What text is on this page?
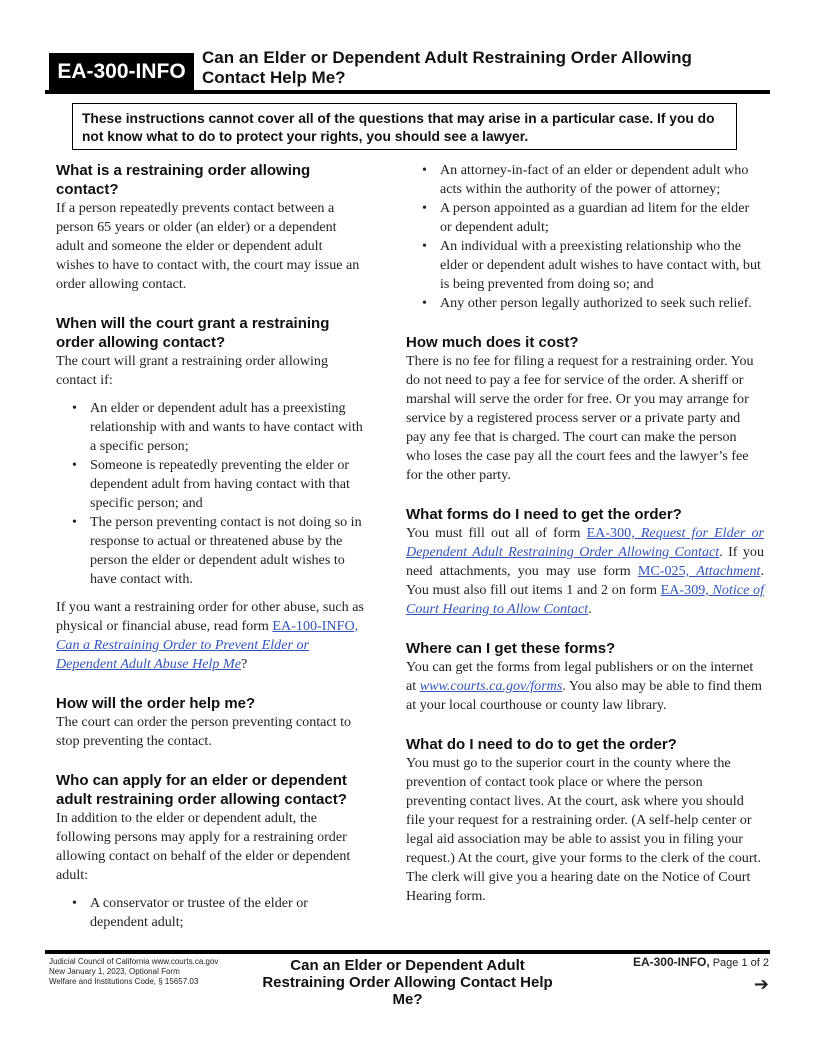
EA-300-INFO
Can an Elder or Dependent Adult Restraining Order Allowing Contact Help Me?
These instructions cannot cover all of the questions that may arise in a particular case. If you do not know what to do to protect your rights, you should see a lawyer.
What is a restraining order allowing contact?

If a person repeatedly prevents contact between a person 65 years or older (an elder) or a dependent adult and someone the elder or dependent adult wishes to have to contact with, the court may issue an order allowing contact.

When will the court grant a restraining order allowing contact?

The court will grant a restraining order allowing contact if:

• An elder or dependent adult has a preexisting relationship with and wants to have contact with a specific person;
• Someone is repeatedly preventing the elder or dependent adult from having contact with that specific person; and
• The person preventing contact is not doing so in response to actual or threatened abuse by the person the elder or dependent adult wishes to have contact with.

If you want a restraining order for other abuse, such as physical or financial abuse, read form EA-100-INFO, Can a Restraining Order to Prevent Elder or Dependent Adult Abuse Help Me?

How will the order help me?

The court can order the person preventing contact to stop preventing the contact.

Who can apply for an elder or dependent adult restraining order allowing contact?

In addition to the elder or dependent adult, the following persons may apply for a restraining order allowing contact on behalf of the elder or dependent adult:

• A conservator or trustee of the elder or dependent adult;
• An attorney-in-fact of an elder or dependent adult who acts within the authority of the power of attorney;
• A person appointed as a guardian ad litem for the elder or dependent adult;
• An individual with a preexisting relationship who the elder or dependent adult wishes to have contact with, but is being prevented from doing so; and
• Any other person legally authorized to seek such relief.
How much does it cost?

There is no fee for filing a request for a restraining order. You do not need to pay a fee for service of the order. A sheriff or marshal will serve the order for free. Or you may arrange for service by a registered process server or a private party and pay any fee that is charged. The court can make the person who loses the case pay all the court fees and the lawyer’s fee for the other party.

What forms do I need to get the order?

You must fill out all of form EA-300, Request for Elder or Dependent Adult Restraining Order Allowing Contact. If you need attachments, you may use form MC-025, Attachment. You must also fill out items 1 and 2 on form EA-309, Notice of Court Hearing to Allow Contact.

Where can I get these forms?

You can get the forms from legal publishers or on the internet at www.courts.ca.gov/forms. You also may be able to find them at your local courthouse or county law library.

What do I need to do to get the order?

You must go to the superior court in the county where the prevention of contact took place or where the person preventing contact lives. At the court, ask where you should file your request for a restraining order. (A self-help center or legal aid association may be able to assist you in filing your request.) At the court, give your forms to the clerk of the court. The clerk will give you a hearing date on the Notice of Court Hearing form.

Judicial Council of California www.courts.ca.gov
New January 1, 2023, Optional Form
Welfare and Institutions Code, § 15657.03
Can an Elder or Dependent Adult Restraining Order Allowing Contact Help Me?
EA-300-INFO, Page 1 of 2
➔
